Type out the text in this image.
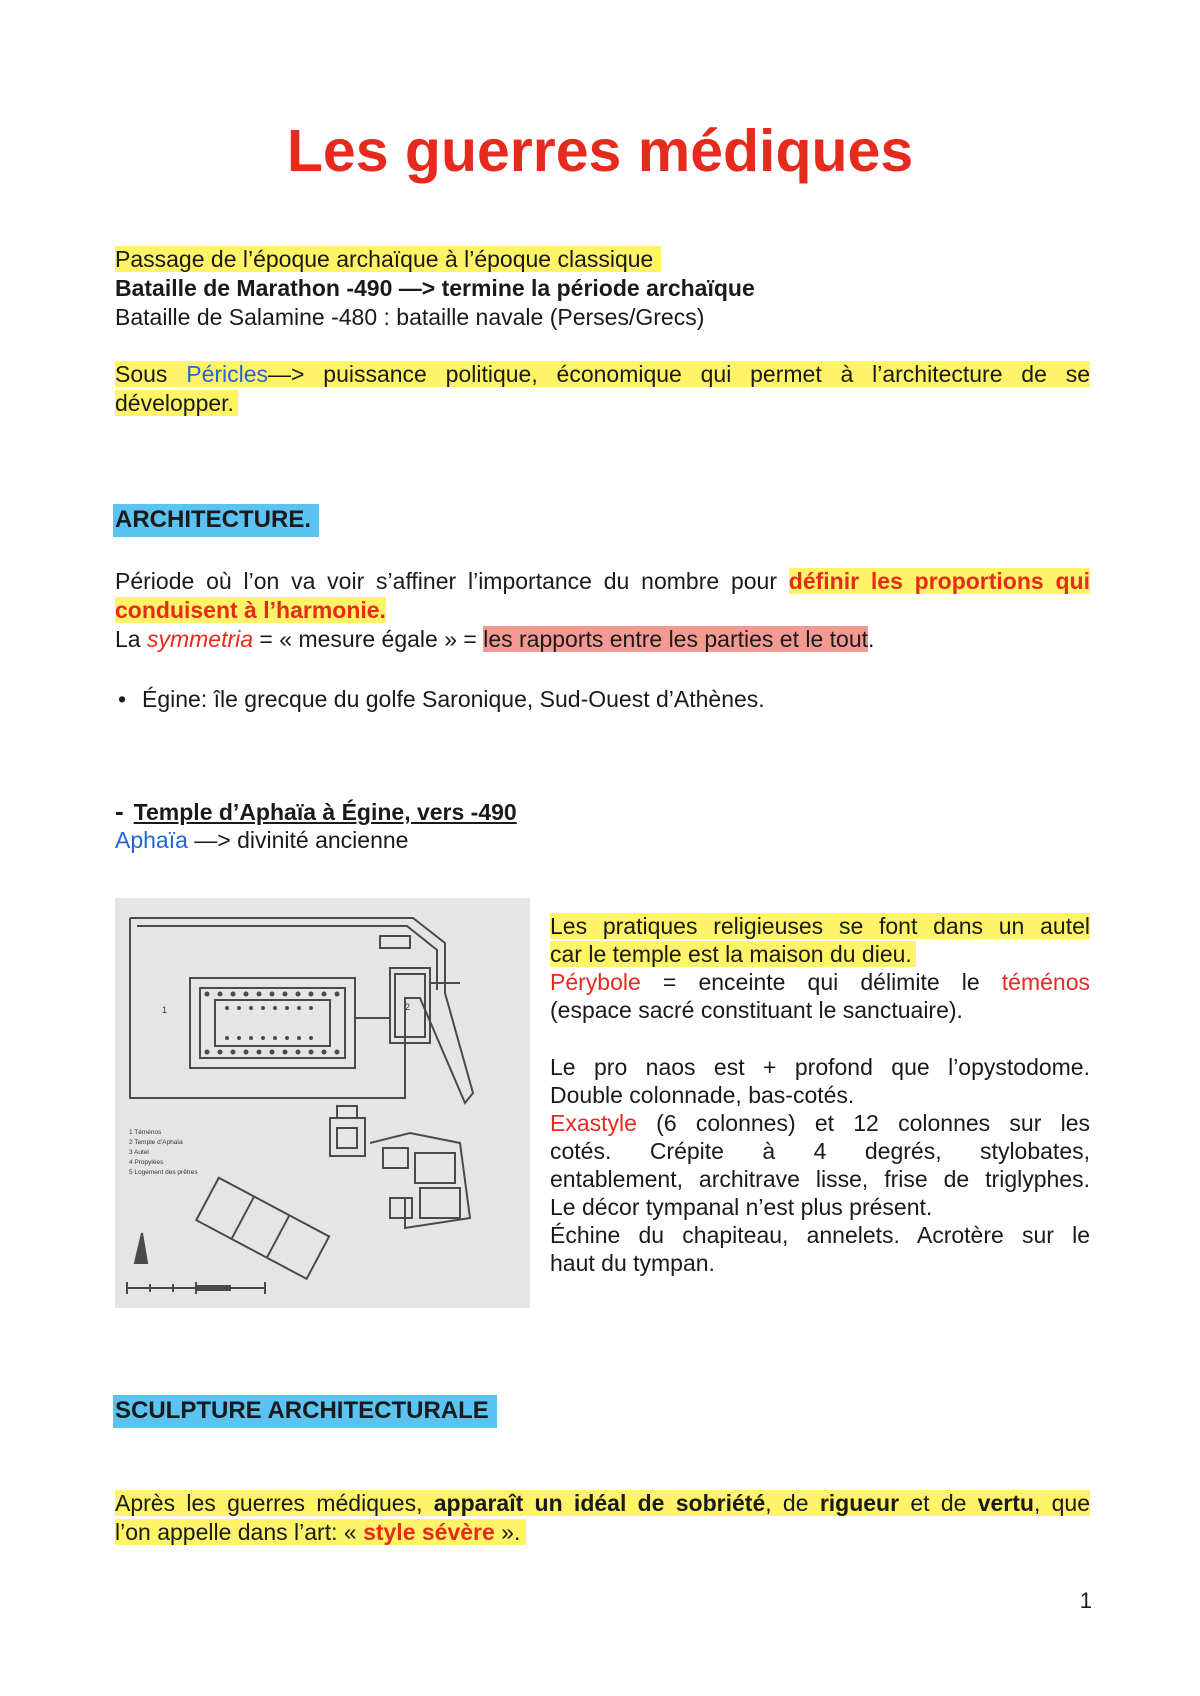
Les guerres médiques
Passage de l’époque archaïque à l’époque classique
Bataille de Marathon -490 —> termine la période archaïque
Bataille de Salamine -480 : bataille navale (Perses/Grecs)
Sous Péricles—> puissance politique, économique qui permet à l’architecture de se
développer.
ARCHITECTURE.
Période où l’on va voir s’affiner l’importance du nombre pour définir les proportions qui
conduisent à l’harmonie.
La symmetria = « mesure égale » = les rapports entre les parties et le tout.
• Égine: île grecque du golfe Saronique, Sud-Ouest d’Athènes.
- Temple d’Aphaïa à Égine, vers -490
Aphaïa —> divinité ancienne
1	2
1 Téménos
2 Temple d’Aphaïa
3 Autel
4 Propylées
5 Logement des prêtres
Les pratiques religieuses se font dans un autel
car le temple est la maison du dieu.
Pérybole = enceinte qui délimite le téménos
(espace sacré constituant le sanctuaire).
Le pro naos est + profond que l’opystodome.
Double colonnade, bas-cotés.
Exastyle (6 colonnes) et 12 colonnes sur les
cotés. Crépite à 4 degrés, stylobates,
entablement, architrave lisse, frise de triglyphes.
Le décor tympanal n’est plus présent.
Échine du chapiteau, annelets. Acrotère sur le
haut du tympan.
SCULPTURE ARCHITECTURALE
Après les guerres médiques, apparaît un idéal de sobriété, de rigueur et de vertu, que
l’on appelle dans l’art: « style sévère ».
1
